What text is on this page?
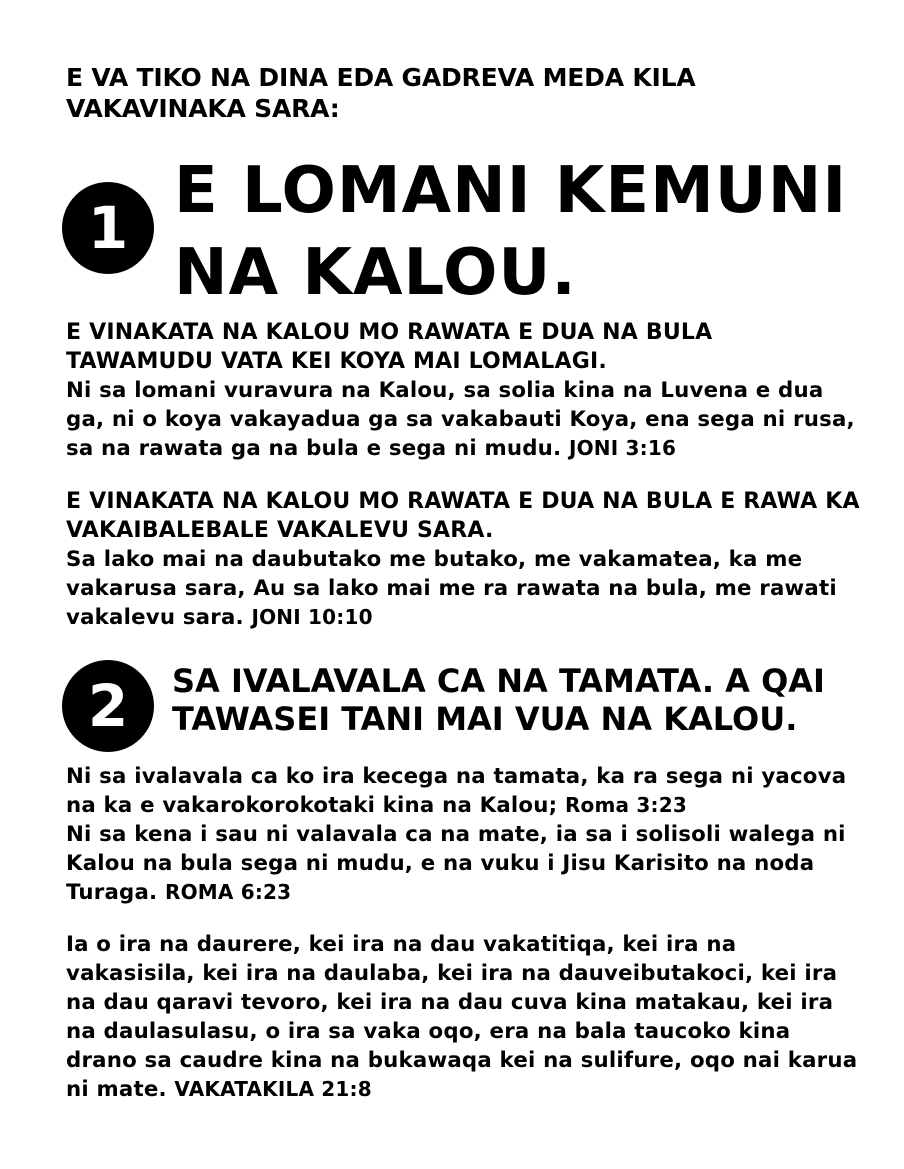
E VA TIKO NA DINA EDA GADREVA MEDA KILA VAKAVINAKA SARA:
1 E LOMANI KEMUNI
NA KALOU.
E VINAKATA NA KALOU MO RAWATA E DUA NA BULA TAWAMUDU VATA KEI KOYA MAI LOMALAGI.
Ni sa lomani vuravura na Kalou, sa solia kina na Luvena e dua ga, ni o koya vakayadua ga sa vakabauti Koya, ena sega ni rusa, sa na rawata ga na bula e sega ni mudu. JONI 3:16
E VINAKATA NA KALOU MO RAWATA E DUA NA BULA E RAWA KA VAKAIBALEBALE VAKALEVU SARA.
Sa lako mai na daubutako me butako, me vakamatea, ka me vakarusa sara, Au sa lako mai me ra rawata na bula, me rawati vakalevu sara. JONI 10:10
2 SA IVALAVALA CA NA TAMATA. A QAI
TAWASEI TANI MAI VUA NA KALOU.
Ni sa ivalavala ca ko ira kecega na tamata, ka ra sega ni yacova na ka e vakarokorokotaki kina na Kalou; Roma 3:23
Ni sa kena i sau ni valavala ca na mate, ia sa i solisoli walega ni Kalou na bula sega ni mudu, e na vuku i Jisu Karisito na noda Turaga. ROMA 6:23
Ia o ira na daurere, kei ira na dau vakatitiqa, kei ira na vakasisila, kei ira na daulaba, kei ira na dauveibutakoci, kei ira na dau qaravi tevoro, kei ira na dau cuva kina matakau, kei ira na daulasulasu, o ira sa vaka oqo, era na bala taucoko kina drano sa caudre kina na bukawaqa kei na sulifure, oqo nai karua ni mate. VAKATAKILA 21:8
